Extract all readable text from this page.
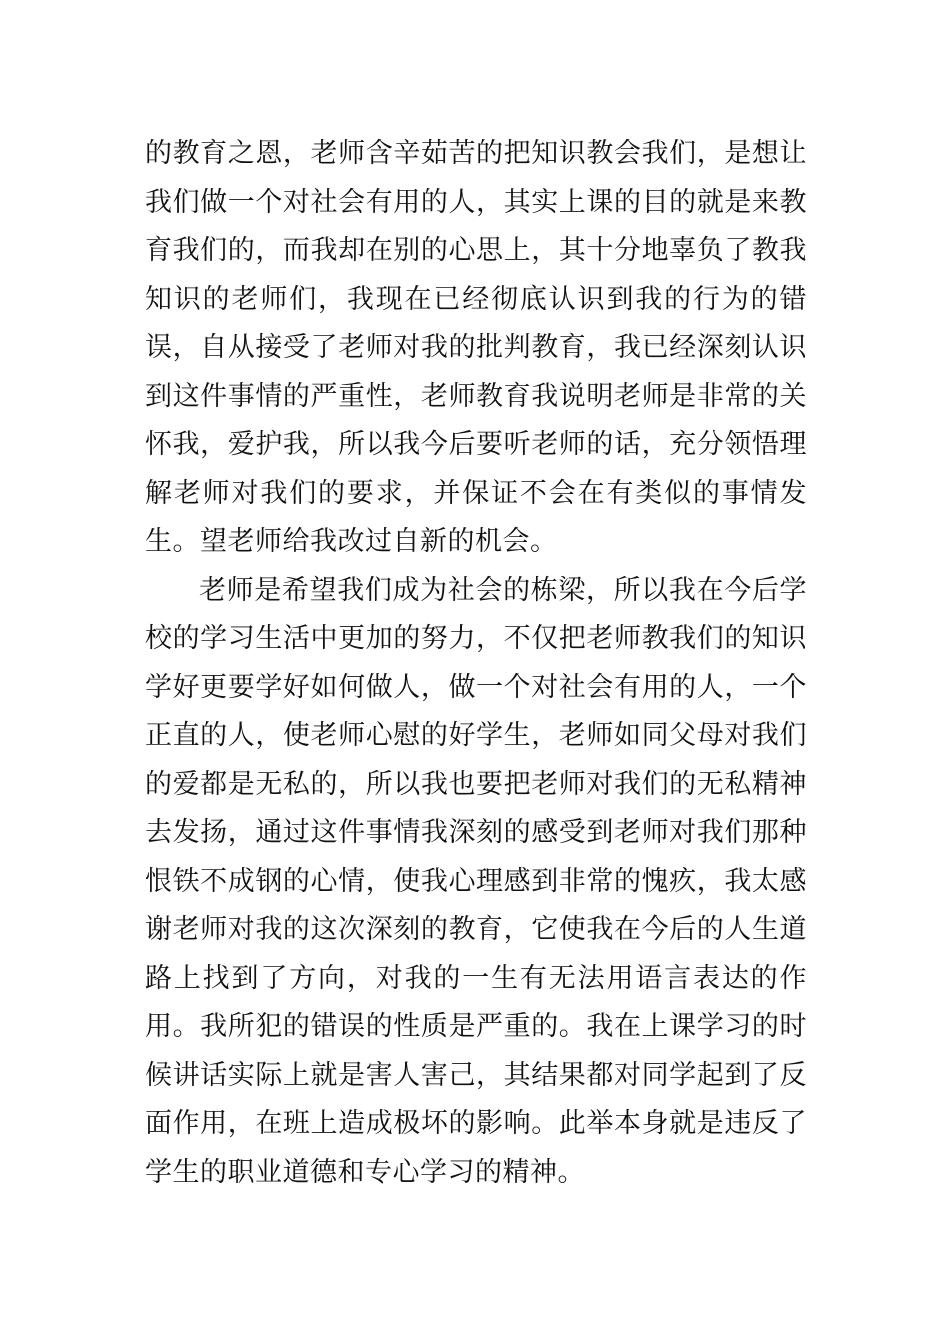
的教育之恩，老师含辛茹苦的把知识教会我们，是想让我们做一个对社会有用的人，其实上课的目的就是来教育我们的，而我却在别的心思上，其十分地辜负了教我知识的老师们，我现在已经彻底认识到我的行为的错误，自从接受了老师对我的批判教育，我已经深刻认识到这件事情的严重性，老师教育我说明老师是非常的关怀我，爱护我，所以我今后要听老师的话，充分领悟理解老师对我们的要求，并保证不会在有类似的事情发生。望老师给我改过自新的机会。

老师是希望我们成为社会的栋梁，所以我在今后学校的学习生活中更加的努力，不仅把老师教我们的知识学好更要学好如何做人，做一个对社会有用的人，一个正直的人，使老师心慰的好学生，老师如同父母对我们的爱都是无私的，所以我也要把老师对我们的无私精神去发扬，通过这件事情我深刻的感受到老师对我们那种恨铁不成钢的心情，使我心理感到非常的愧疚，我太感谢老师对我的这次深刻的教育，它使我在今后的人生道路上找到了方向，对我的一生有无法用语言表达的作用。我所犯的错误的性质是严重的。我在上课学习的时候讲话实际上就是害人害己，其结果都对同学起到了反面作用，在班上造成极坏的影响。此举本身就是违反了学生的职业道德和专心学习的精神。
